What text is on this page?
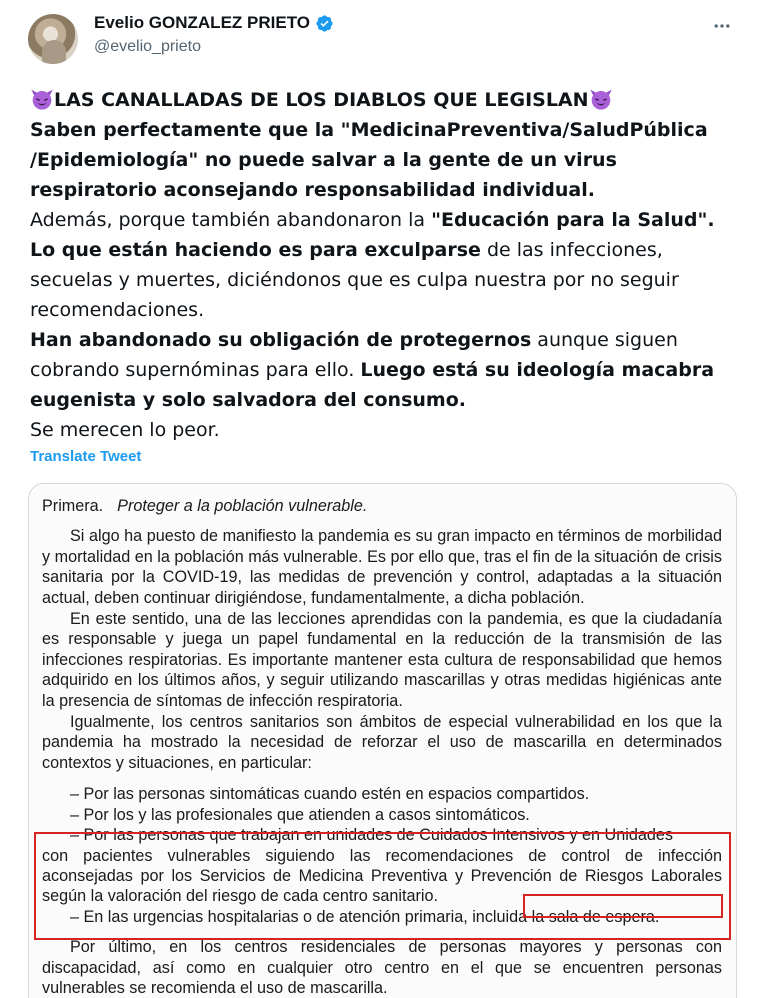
Evelio GONZALEZ PRIETO
@evelio_prieto

LAS CANALLADAS DE LOS DIABLOS QUE LEGISLAN

Saben perfectamente que la "MedicinaPreventiva/SaludPública /Epidemiología" no puede salvar a la gente de un virus respiratorio aconsejando responsabilidad individual.

Además, porque también abandonaron la "Educación para la Salud".

Lo que están haciendo es para exculparse de las infecciones, secuelas y muertes, diciéndonos que es culpa nuestra por no seguir recomendaciones.

Han abandonado su obligación de protegernos aunque siguen cobrando supernóminas para ello. Luego está su ideología macabra eugenista y solo salvadora del consumo.

Se merecen lo peor.

Translate Tweet
Primera. Proteger a la población vulnerable.

Si algo ha puesto de manifiesto la pandemia es su gran impacto en términos de morbilidad y mortalidad en la población más vulnerable. Es por ello que, tras el fin de la situación de crisis sanitaria por la COVID-19, las medidas de prevención y control, adaptadas a la situación actual, deben continuar dirigiéndose, fundamentalmente, a dicha población.

En este sentido, una de las lecciones aprendidas con la pandemia, es que la ciudadanía es responsable y juega un papel fundamental en la reducción de la transmisión de las infecciones respiratorias. Es importante mantener esta cultura de responsabilidad que hemos adquirido en los últimos años, y seguir utilizando mascarillas y otras medidas higiénicas ante la presencia de síntomas de infección respiratoria.

Igualmente, los centros sanitarios son ámbitos de especial vulnerabilidad en los que la pandemia ha mostrado la necesidad de reforzar el uso de mascarilla en determinados contextos y situaciones, en particular:

– Por las personas sintomáticas cuando estén en espacios compartidos.
– Por los y las profesionales que atienden a casos sintomáticos.
– Por las personas que trabajan en unidades de Cuidados Intensivos y en Unidades
con pacientes vulnerables siguiendo las recomendaciones de control de infección aconsejadas por los Servicios de Medicina Preventiva y Prevención de Riesgos Laborales según la valoración del riesgo de cada centro sanitario.
– En las urgencias hospitalarias o de atención primaria, incluida la sala de espera.

Por último, en los centros residenciales de personas mayores y personas con discapacidad, así como en cualquier otro centro en el que se encuentren personas vulnerables se recomienda el uso de mascarilla.
